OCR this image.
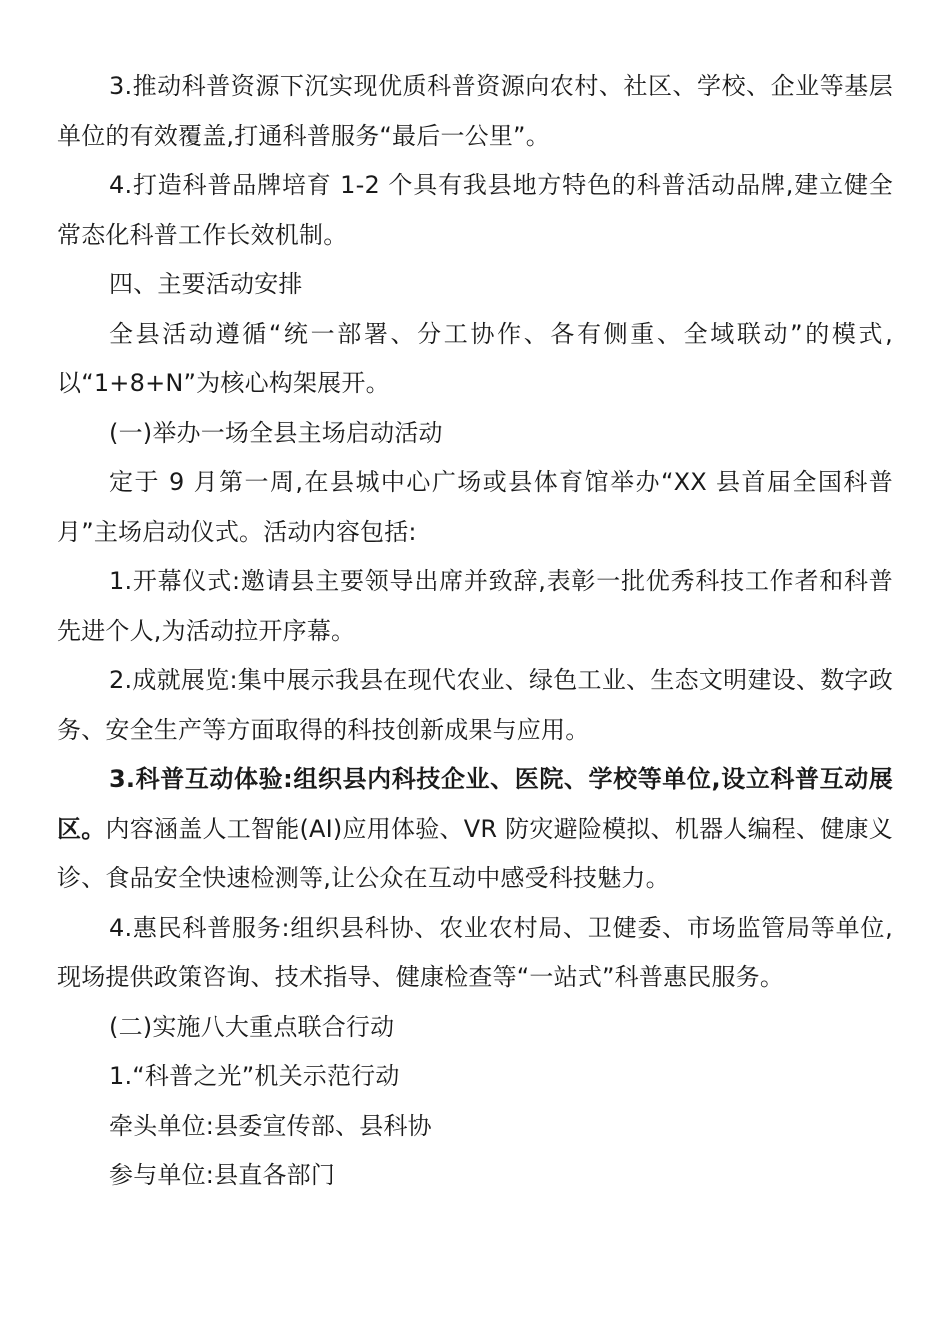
3.推动科普资源下沉实现优质科普资源向农村、社区、学校、企业等基层单位的有效覆盖,打通科普服务“最后一公里”。

4.打造科普品牌培育 1-2 个具有我县地方特色的科普活动品牌,建立健全常态化科普工作长效机制。

四、主要活动安排

全县活动遵循“统一部署、分工协作、各有侧重、全域联动”的模式,以“1+8+N”为核心构架展开。

(一)举办一场全县主场启动活动

定于 9 月第一周,在县城中心广场或县体育馆举办“XX 县首届全国科普月”主场启动仪式。活动内容包括:

1.开幕仪式:邀请县主要领导出席并致辞,表彰一批优秀科技工作者和科普先进个人,为活动拉开序幕。

2.成就展览:集中展示我县在现代农业、绿色工业、生态文明建设、数字政务、安全生产等方面取得的科技创新成果与应用。

3.科普互动体验:组织县内科技企业、医院、学校等单位,设立科普互动展区。内容涵盖人工智能(AI)应用体验、VR 防灾避险模拟、机器人编程、健康义诊、食品安全快速检测等,让公众在互动中感受科技魅力。

4.惠民科普服务:组织县科协、农业农村局、卫健委、市场监管局等单位,现场提供政策咨询、技术指导、健康检查等“一站式”科普惠民服务。

(二)实施八大重点联合行动

1.“科普之光”机关示范行动

牵头单位:县委宣传部、县科协

参与单位:县直各部门
